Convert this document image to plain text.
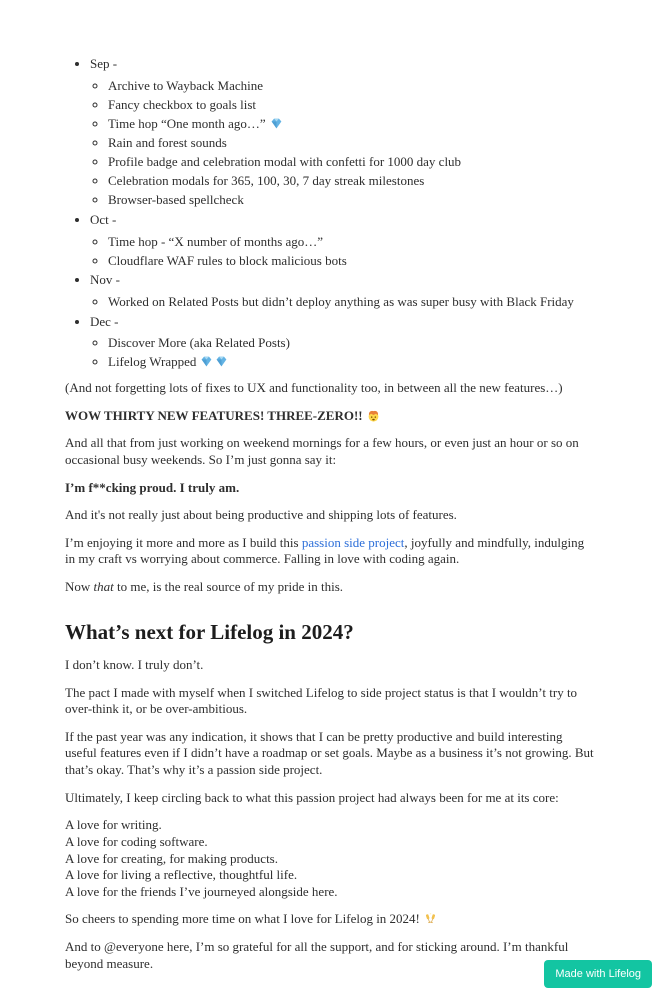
• Sep -
◦ Archive to Wayback Machine
◦ Fancy checkbox to goals list
◦ Time hop “One month ago…”
◦ Rain and forest sounds
◦ Profile badge and celebration modal with confetti for 1000 day club
◦ Celebration modals for 365, 100, 30, 7 day streak milestones
◦ Browser-based spellcheck
• Oct -
◦ Time hop - “X number of months ago…”
◦ Cloudflare WAF rules to block malicious bots
• Nov -
◦ Worked on Related Posts but didn’t deploy anything as was super busy with Black Friday
• Dec -
◦ Discover More (aka Related Posts)
◦ Lifelog Wrapped

(And not forgetting lots of fixes to UX and functionality too, in between all the new features…)

WOW THIRTY NEW FEATURES! THREE-ZERO!!

And all that from just working on weekend mornings for a few hours, or even just an hour or so on occasional busy weekends. So I’m just gonna say it:

I’m f**cking proud. I truly am.

And it's not really just about being productive and shipping lots of features.

I’m enjoying it more and more as I build this passion side project, joyfully and mindfully, indulging in my craft vs worrying about commerce. Falling in love with coding again.

Now that to me, is the real source of my pride in this.

What’s next for Lifelog in 2024?

I don’t know. I truly don’t.

The pact I made with myself when I switched Lifelog to side project status is that I wouldn’t try to over-think it, or be over-ambitious.

If the past year was any indication, it shows that I can be pretty productive and build interesting useful features even if I didn’t have a roadmap or set goals. Maybe as a business it’s not growing. But that’s okay. That’s why it’s a passion side project.

Ultimately, I keep circling back to what this passion project had always been for me at its core:

A love for writing.
A love for coding software.
A love for creating, for making products.
A love for living a reflective, thoughtful life.
A love for the friends I’ve journeyed alongside here.

So cheers to spending more time on what I love for Lifelog in 2024!

And to @everyone here, I’m so grateful for all the support, and for sticking around. I’m thankful beyond measure.

Made with Lifelog
